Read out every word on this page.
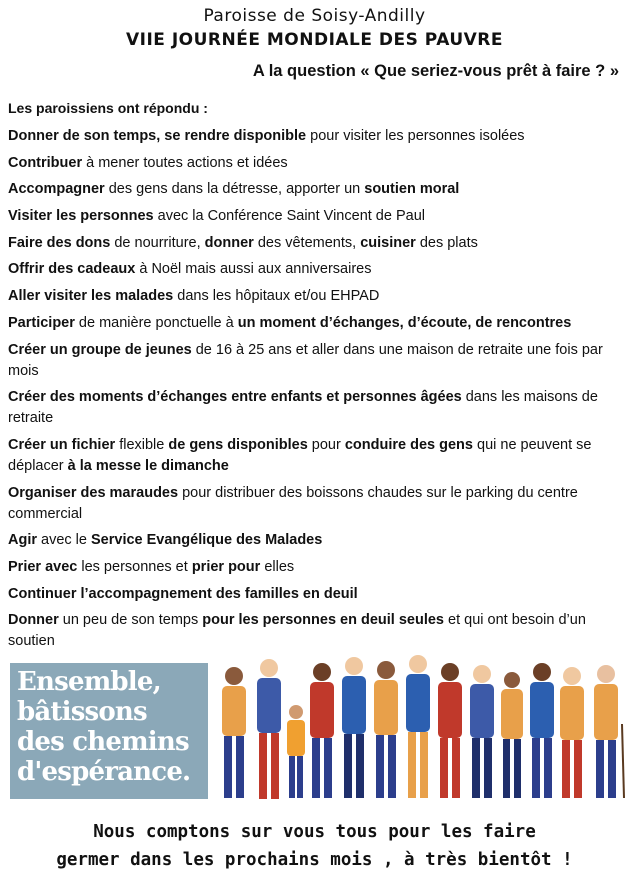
Paroisse de Soisy-Andilly
VIIE JOURNÉE MONDIALE DES PAUVRE
A la question « Que seriez-vous prêt à faire ? »
Les paroissiens ont répondu :
Donner de son temps, se rendre disponible pour visiter les personnes isolées
Contribuer à mener toutes actions et idées
Accompagner des gens dans la détresse, apporter un soutien moral
Visiter les personnes avec la Conférence Saint Vincent de Paul
Faire des dons de nourriture, donner des vêtements, cuisiner des plats
Offrir des cadeaux à Noël mais aussi aux anniversaires
Aller visiter les malades dans les hôpitaux et/ou EHPAD
Participer de manière ponctuelle à un moment d’échanges, d’écoute, de rencontres
Créer un groupe de jeunes de 16 à 25 ans et aller dans une maison de retraite une fois par mois
Créer des moments d’échanges entre enfants et personnes âgées dans les maisons de retraite
Créer un fichier flexible de gens disponibles pour conduire des gens qui ne peuvent se déplacer à la messe le dimanche
Organiser des maraudes pour distribuer des boissons chaudes sur le parking du centre commercial
Agir avec le Service Evangélique des Malades
Prier avec les personnes et prier pour elles
Continuer l’accompagnement des familles en deuil
Donner un peu de son temps pour les personnes en deuil seules et qui ont besoin d’un soutien
Ensemble,
bâtissons
des chemins
d'espérance.
Nous comptons sur vous tous pour les faire
germer dans les prochains mois , à très bientôt !
